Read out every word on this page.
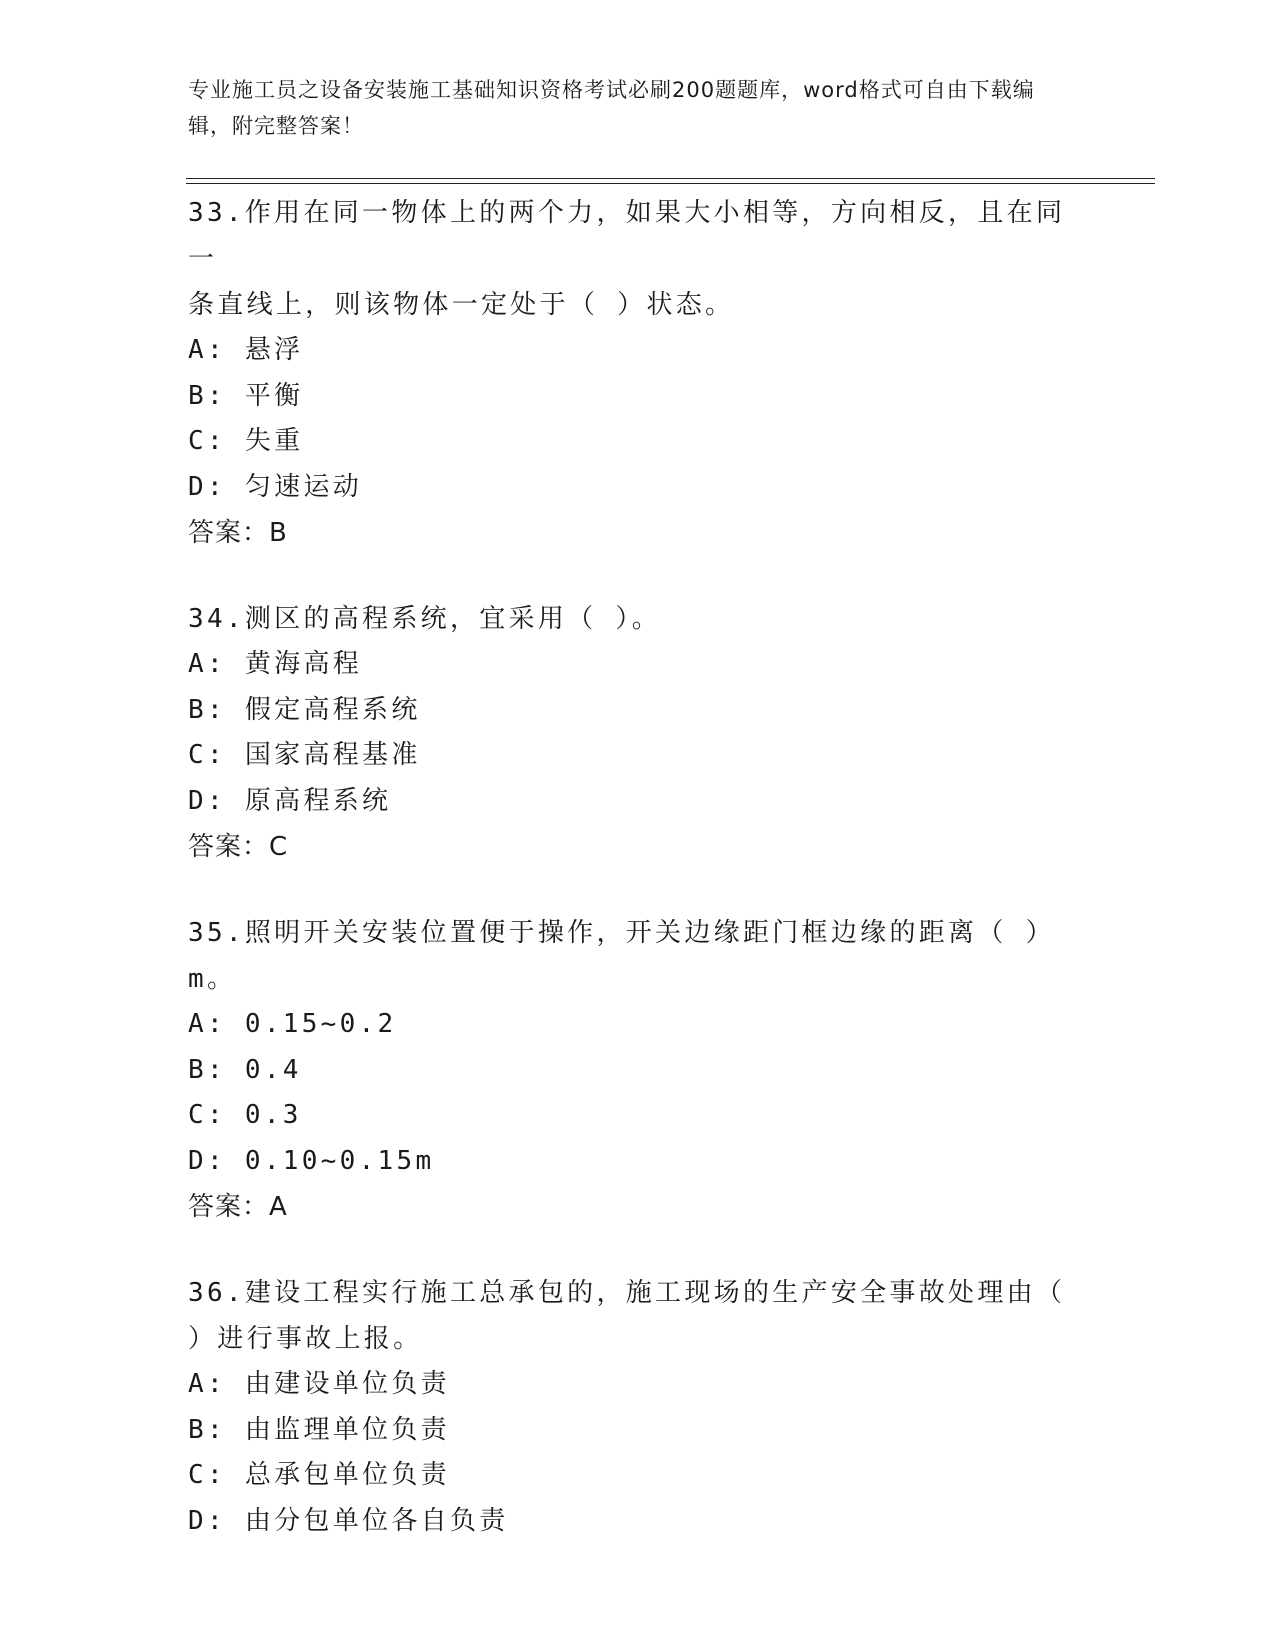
专业施工员之设备安装施工基础知识资格考试必刷200题题库，word格式可自由下载编辑，附完整答案！

33.作用在同一物体上的两个力，如果大小相等，方向相反，且在同一

条直线上，则该物体一定处于（ ）状态。

A: 悬浮

B: 平衡

C: 失重

D: 匀速运动

答案：B

34.测区的高程系统，宜采用（ ）。

A: 黄海高程

B: 假定高程系统

C: 国家高程基准

D: 原高程系统

答案：C

35.照明开关安装位置便于操作，开关边缘距门框边缘的距离（ ）m。

A: 0.15~0.2

B: 0.4

C: 0.3

D: 0.10~0.15m

答案：A

36.建设工程实行施工总承包的，施工现场的生产安全事故处理由（

）进行事故上报。

A: 由建设单位负责

B: 由监理单位负责

C: 总承包单位负责

D: 由分包单位各自负责
